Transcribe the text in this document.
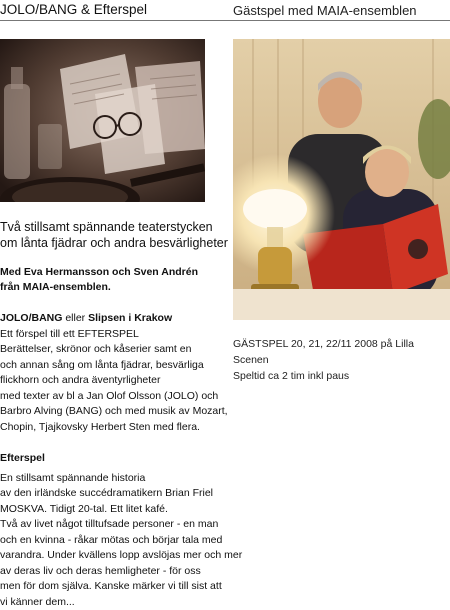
JOLO/BANG & Efterspel	Gästspel med MAIA-ensemblen
GÄSTSPEL 20, 21, 22/11 2008 på Lilla Scenen
Speltid ca 2 tim inkl paus

Två stillsamt spännande teaterstycken

om lånta fjädrar och andra besvärligheter

Med Eva Hermansson och Sven Andrén
från MAIA-ensemblen.
JOLO/BANG eller Slipsen i Krakow
Ett förspel till ett EFTERSPEL
Berättelser, skrönor och kåserier samt en
och annan sång om lånta fjädrar, besvärliga
flickhorn och andra äventyrligheter
med texter av bl a Jan Olof Olsson (JOLO) och
Barbro Alving (BANG) och med musik av Mozart,
Chopin, Tjajkovsky Herbert Sten med flera.
Efterspel
En stillsamt spännande historia
av den irländske succédramatikern Brian Friel
MOSKVA. Tidigt 20-tal. Ett litet kafé.
Två av livet något tilltufsade personer - en man
och en kvinna - råkar mötas och börjar tala med
varandra. Under kvällens lopp avslöjas mer och mer
av deras liv och deras hemligheter - för oss
men för dom själva. Kanske märker vi till sist att
vi känner dem...
